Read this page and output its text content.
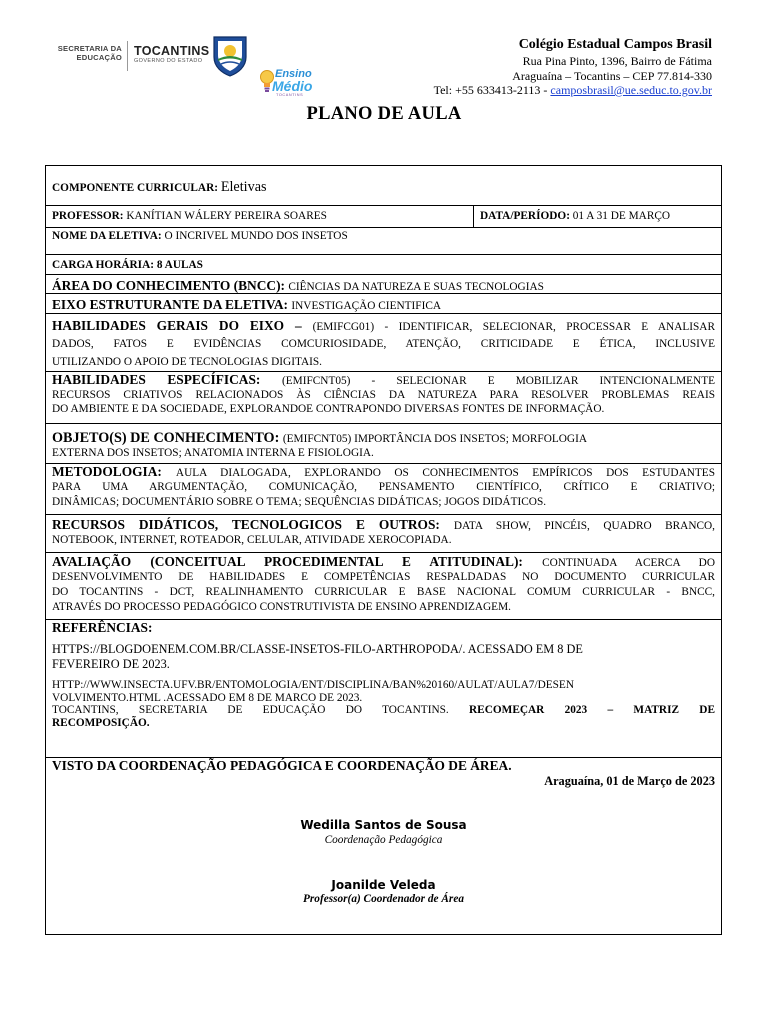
SECRETARIA DA
EDUCAÇÃO TOCANTINS
GOVERNO DO ESTADO
Ensino
Médio
TOCANTINS
Colégio Estadual Campos Brasil
Rua Pina Pinto, 1396, Bairro de Fátima
Araguaína – Tocantins – CEP 77.814-330
Tel: +55 633413-2113 - camposbrasil@ue.seduc.to.gov.br
PLANO DE AULA
COMPONENTE CURRICULAR: Eletivas
PROFESSOR: KANÍTIAN WÁLERY PEREIRA SOARES	DATA/PERÍODO: 01 A 31 DE MARÇO
NOME DA ELETIVA: O INCRIVEL MUNDO DOS INSETOS
CARGA HORÁRIA: 8 AULAS
ÁREA DO CONHECIMENTO (BNCC): CIÊNCIAS DA NATUREZA E SUAS TECNOLOGIAS
EIXO ESTRUTURANTE DA ELETIVA: INVESTIGAÇÃO CIENTIFICA

HABILIDADES GERAIS DO EIXO – (EMIFCG01) - IDENTIFICAR, SELECIONAR, PROCESSAR E ANALISAR

DADOS, FATOS E EVIDÊNCIAS COMCURIOSIDADE, ATENÇÃO, CRITICIDADE E ÉTICA, INCLUSIVE

UTILIZANDO O APOIO DE TECNOLOGIAS DIGITAIS.

HABILIDADES ESPECÍFICAS: (EMIFCNT05) - SELECIONAR E MOBILIZAR INTENCIONALMENTE

RECURSOS CRIATIVOS RELACIONADOS ÀS CIÊNCIAS DA NATUREZA PARA RESOLVER PROBLEMAS REAIS

DO AMBIENTE E DA SOCIEDADE, EXPLORANDOE CONTRAPONDO DIVERSAS FONTES DE INFORMAÇÃO.

OBJETO(S) DE CONHECIMENTO: (EMIFCNT05) IMPORTÂNCIA DOS INSETOS; MORFOLOGIA

EXTERNA DOS INSETOS; ANATOMIA INTERNA E FISIOLOGIA.

METODOLOGIA: AULA DIALOGADA, EXPLORANDO OS CONHECIMENTOS EMPÍRICOS DOS ESTUDANTES

PARA UMA ARGUMENTAÇÃO, COMUNICAÇÃO, PENSAMENTO CIENTÍFICO, CRÍTICO E CRIATIVO;

DINÂMICAS; DOCUMENTÁRIO SOBRE O TEMA; SEQUÊNCIAS DIDÁTICAS; JOGOS DIDÁTICOS.

RECURSOS DIDÁTICOS, TECNOLOGICOS E OUTROS: DATA SHOW, PINCÉIS, QUADRO BRANCO,

NOTEBOOK, INTERNET, ROTEADOR, CELULAR, ATIVIDADE XEROCOPIADA.

AVALIAÇÃO (CONCEITUAL PROCEDIMENTAL E ATITUDINAL): CONTINUADA ACERCA DO

DESENVOLVIMENTO DE HABILIDADES E COMPETÊNCIAS RESPALDADAS NO DOCUMENTO CURRICULAR

DO TOCANTINS - DCT, REALINHAMENTO CURRICULAR E BASE NACIONAL COMUM CURRICULAR - BNCC,

ATRAVÉS DO PROCESSO PEDAGÓGICO CONSTRUTIVISTA DE ENSINO APRENDIZAGEM.

REFERÊNCIAS:

HTTPS://BLOGDOENEM.COM.BR/CLASSE-INSETOS-FILO-ARTHROPODA/. ACESSADO EM 8 DE

FEVEREIRO DE 2023.

HTTP://WWW.INSECTA.UFV.BR/ENTOMOLOGIA/ENT/DISCIPLINA/BAN%20160/AULAT/AULA7/DESEN

VOLVIMENTO.HTML .ACESSADO EM 8 DE MARCO DE 2023.

TOCANTINS, SECRETARIA DE EDUCAÇÃO DO TOCANTINS. RECOMEÇAR 2023 – MATRIZ DE

RECOMPOSIÇÃO.

VISTO DA COORDENAÇÃO PEDAGÓGICA E COORDENAÇÃO DE ÁREA.

Araguaína, 01 de Março de 2023

Wedilla Santos de Sousa
Coordenação Pedagógica
Joanilde Veleda
Professor(a) Coordenador de Área
